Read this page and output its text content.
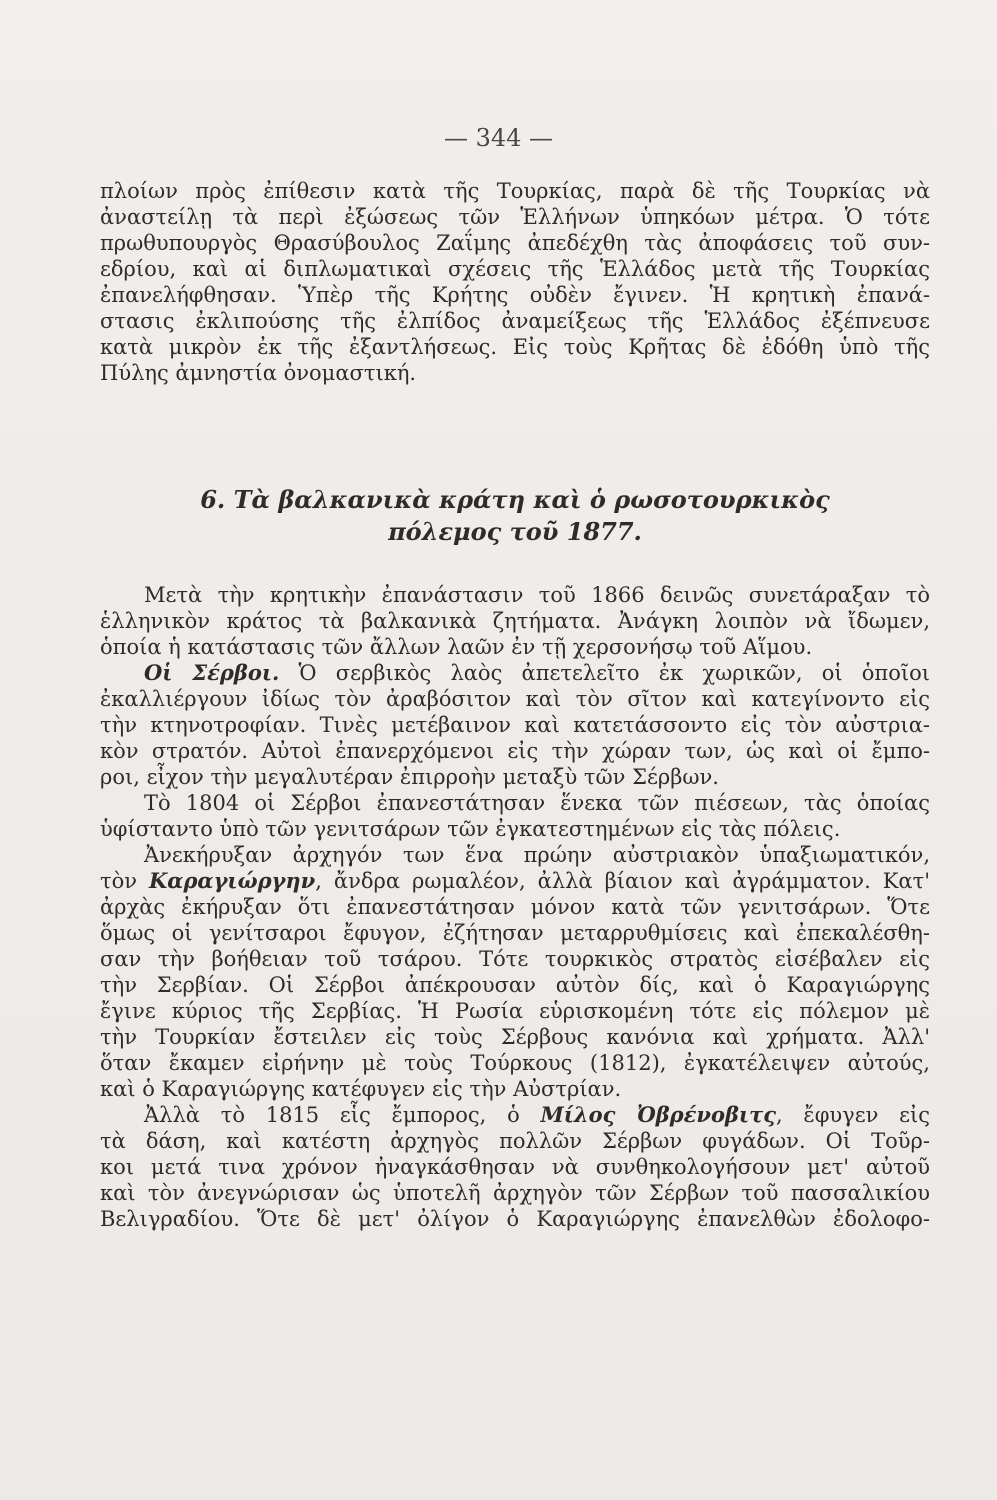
— 344 —
πλοίων πρὸς ἐπίθεσιν κατὰ τῆς Τουρκίας, παρὰ δὲ τῆς Τουρκίας νὰ
ἀναστείλῃ τὰ περὶ ἐξώσεως τῶν Ἑλλήνων ὑπηκόων μέτρα. Ὁ τότε
πρωθυπουργὸς Θρασύβουλος Ζαΐμης ἀπεδέχθη τὰς ἀποφάσεις τοῦ συν-
εδρίου, καὶ αἱ διπλωματικαὶ σχέσεις τῆς Ἑλλάδος μετὰ τῆς Τουρκίας
ἐπανελήφθησαν. Ὑπὲρ τῆς Κρήτης οὐδὲν ἔγινεν. Ἡ κρητικὴ ἐπανά-
στασις ἐκλιπούσης τῆς ἐλπίδος ἀναμείξεως τῆς Ἑλλάδος ἐξέπνευσε
κατὰ μικρὸν ἐκ τῆς ἐξαντλήσεως. Εἰς τοὺς Κρῆτας δὲ ἐδόθη ὑπὸ τῆς
Πύλης ἀμνηστία ὀνομαστική.
6. Τὰ βαλκανικὰ κράτη καὶ ὁ ρωσοτουρκικὸς
πόλεμος τοῦ 1877.
Μετὰ τὴν κρητικὴν ἐπανάστασιν τοῦ 1866 δεινῶς συνετάραξαν τὸ
ἑλληνικὸν κράτος τὰ βαλκανικὰ ζητήματα. Ἀνάγκη λοιπὸν νὰ ἴδωμεν,
ὁποία ἡ κατάστασις τῶν ἄλλων λαῶν ἐν τῇ χερσονήσῳ τοῦ Αἵμου.
Οἱ Σέρβοι. Ὁ σερβικὸς λαὸς ἀπετελεῖτο ἐκ χωρικῶν, οἱ ὁποῖοι
ἐκαλλιέργουν ἰδίως τὸν ἀραβόσιτον καὶ τὸν σῖτον καὶ κατεγίνοντο εἰς
τὴν κτηνοτροφίαν. Τινὲς μετέβαινον καὶ κατετάσσοντο εἰς τὸν αὐστρια-
κὸν στρατόν. Αὐτοὶ ἐπανερχόμενοι εἰς τὴν χώραν των, ὡς καὶ οἱ ἔμπο-
ροι, εἶχον τὴν μεγαλυτέραν ἐπιρροὴν μεταξὺ τῶν Σέρβων.
Τὸ 1804 οἱ Σέρβοι ἐπανεστάτησαν ἕνεκα τῶν πιέσεων, τὰς ὁποίας
ὑφίσταντο ὑπὸ τῶν γενιτσάρων τῶν ἐγκατεστημένων εἰς τὰς πόλεις.
Ἀνεκήρυξαν ἀρχηγόν των ἕνα πρώην αὐστριακὸν ὑπαξιωματικόν,
τὸν Καραγιώργην, ἄνδρα ρωμαλέον, ἀλλὰ βίαιον καὶ ἀγράμματον. Κατ'
ἀρχὰς ἐκήρυξαν ὅτι ἐπανεστάτησαν μόνον κατὰ τῶν γενιτσάρων. Ὅτε
ὅμως οἱ γενίτσαροι ἔφυγον, ἐζήτησαν μεταρρυθμίσεις καὶ ἐπεκαλέσθη-
σαν τὴν βοήθειαν τοῦ τσάρου. Τότε τουρκικὸς στρατὸς εἰσέβαλεν εἰς
τὴν Σερβίαν. Οἱ Σέρβοι ἀπέκρουσαν αὐτὸν δίς, καὶ ὁ Καραγιώργης
ἔγινε κύριος τῆς Σερβίας. Ἡ Ρωσία εὑρισκομένη τότε εἰς πόλεμον μὲ
τὴν Τουρκίαν ἔστειλεν εἰς τοὺς Σέρβους κανόνια καὶ χρήματα. Ἀλλ'
ὅταν ἔκαμεν εἰρήνην μὲ τοὺς Τούρκους (1812), ἐγκατέλειψεν αὐτούς,
καὶ ὁ Καραγιώργης κατέφυγεν εἰς τὴν Αὐστρίαν.
Ἀλλὰ τὸ 1815 εἷς ἔμπορος, ὁ Μίλος Ὀβρένοβιτς, ἔφυγεν εἰς
τὰ δάση, καὶ κατέστη ἀρχηγὸς πολλῶν Σέρβων φυγάδων. Οἱ Τοῦρ-
κοι μετά τινα χρόνον ἠναγκάσθησαν νὰ συνθηκολογήσουν μετ' αὐτοῦ
καὶ τὸν ἀνεγνώρισαν ὡς ὑποτελῆ ἀρχηγὸν τῶν Σέρβων τοῦ πασσαλικίου
Βελιγραδίου. Ὅτε δὲ μετ' ὀλίγον ὁ Καραγιώργης ἐπανελθὼν ἐδολοφο-
